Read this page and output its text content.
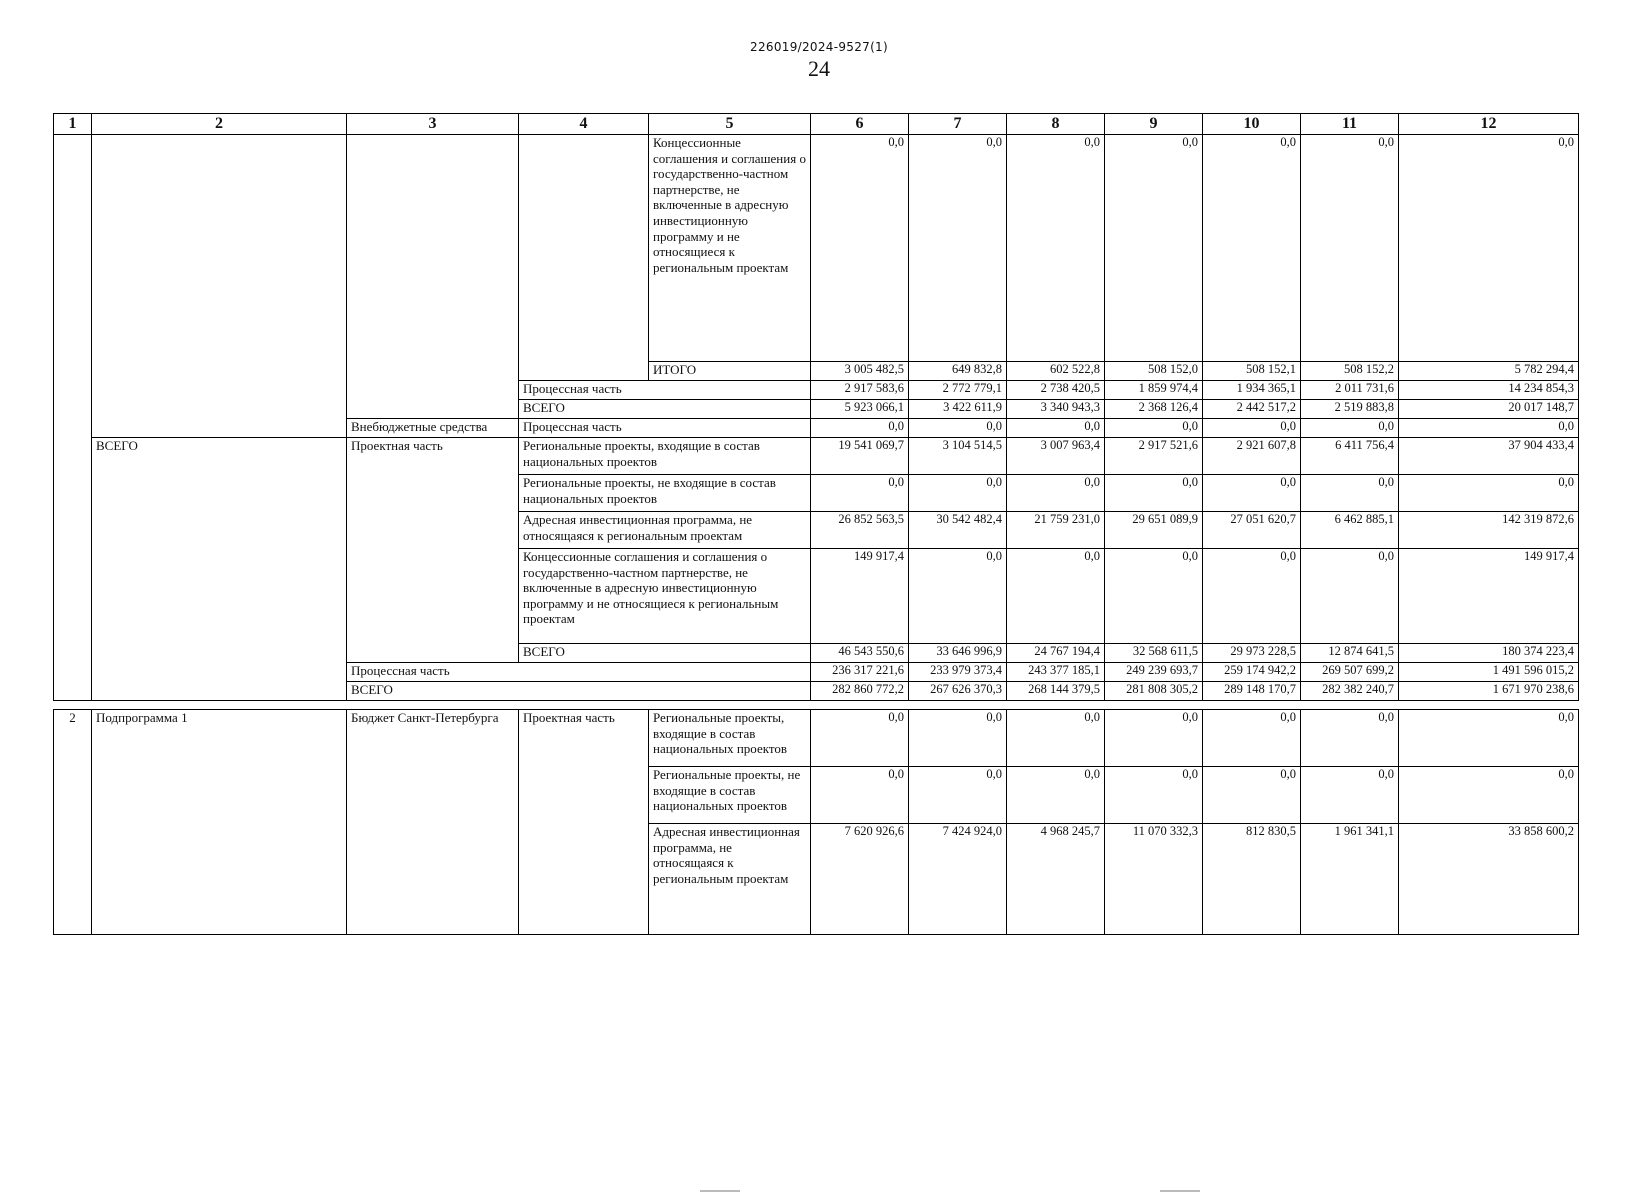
226019/2024-9527(1)
24
1	2	3	4	5	6	7	8	9	10	11	12
				Концессионные соглашения и соглашения о государственно-частном партнерстве, не включенные в адресную инвестиционную программу и не относящиеся к региональным проектам	0,0	0,0	0,0	0,0	0,0	0,0	0,0
				ИТОГО	3 005 482,5	649 832,8	602 522,8	508 152,0	508 152,1	508 152,2	5 782 294,4
			Процессная часть		2 917 583,6	2 772 779,1	2 738 420,5	1 859 974,4	1 934 365,1	2 011 731,6	14 234 854,3
			ВСЕГО		5 923 066,1	3 422 611,9	3 340 943,3	2 368 126,4	2 442 517,2	2 519 883,8	20 017 148,7
		Внебюджетные средства	Процессная часть		0,0	0,0	0,0	0,0	0,0	0,0	0,0
	ВСЕГО	Проектная часть	Региональные проекты, входящие в состав национальных проектов		19 541 069,7	3 104 514,5	3 007 963,4	2 917 521,6	2 921 607,8	6 411 756,4	37 904 433,4
			Региональные проекты, не входящие в состав национальных проектов		0,0	0,0	0,0	0,0	0,0	0,0	0,0
			Адресная инвестиционная программа, не относящаяся к региональным проектам		26 852 563,5	30 542 482,4	21 759 231,0	29 651 089,9	27 051 620,7	6 462 885,1	142 319 872,6
			Концессионные соглашения и соглашения о государственно-частном партнерстве, не включенные в адресную инвестиционную программу и не относящиеся к региональным проектам		149 917,4	0,0	0,0	0,0	0,0	0,0	149 917,4
			ВСЕГО		46 543 550,6	33 646 996,9	24 767 194,4	32 568 611,5	29 973 228,5	12 874 641,5	180 374 223,4
		Процессная часть			236 317 221,6	233 979 373,4	243 377 185,1	249 239 693,7	259 174 942,2	269 507 699,2	1 491 596 015,2
		ВСЕГО			282 860 772,2	267 626 370,3	268 144 379,5	281 808 305,2	289 148 170,7	282 382 240,7	1 671 970 238,6
2	Подпрограмма 1	Бюджет Санкт-Петербурга	Проектная часть	Региональные проекты, входящие в состав национальных проектов	0,0	0,0	0,0	0,0	0,0	0,0	0,0
				Региональные проекты, не входящие в состав национальных проектов	0,0	0,0	0,0	0,0	0,0	0,0	0,0
				Адресная инвестиционная программа, не относящаяся к региональным проектам	7 620 926,6	7 424 924,0	4 968 245,7	11 070 332,3	812 830,5	1 961 341,1	33 858 600,2
